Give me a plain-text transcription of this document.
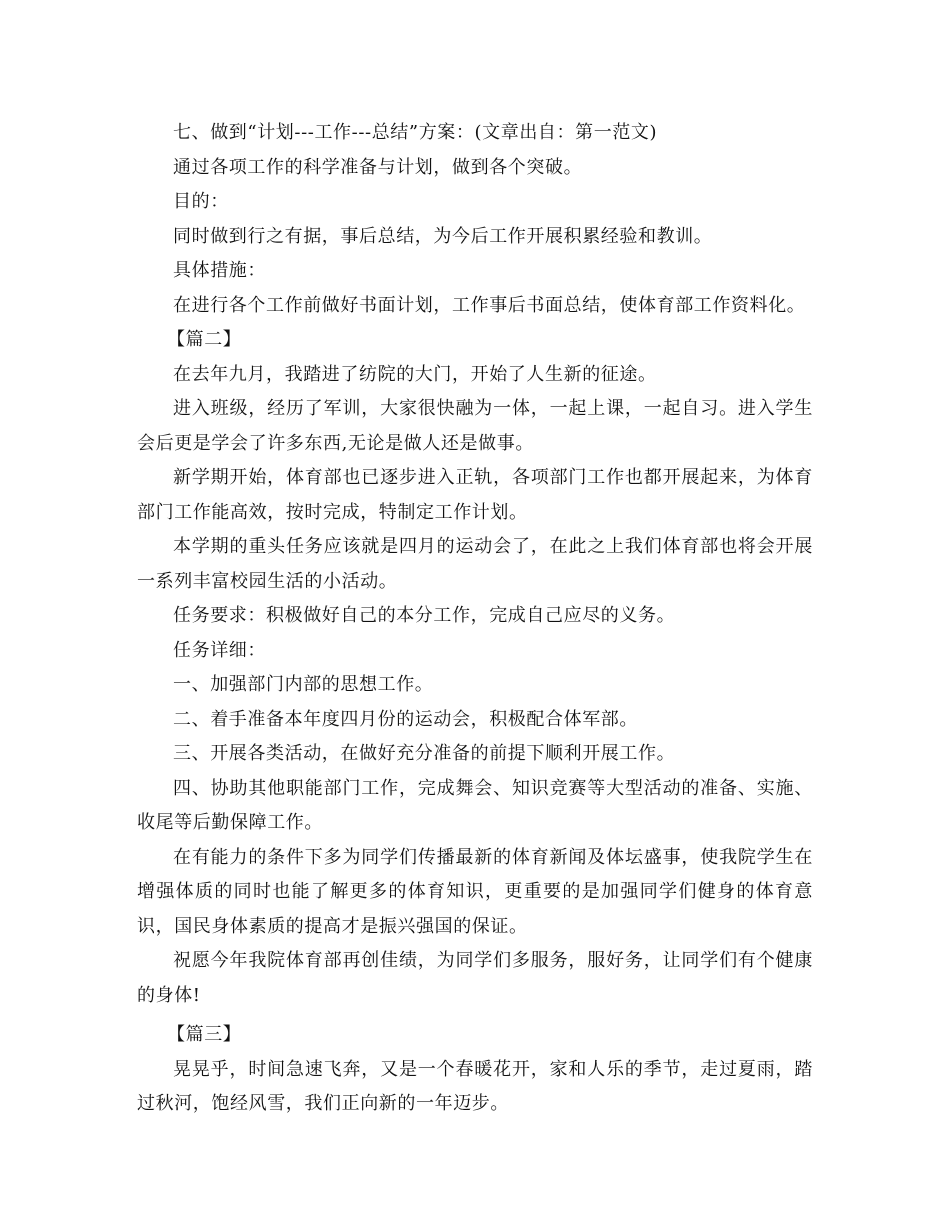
七、做到“计划---工作---总结”方案：(文章出自：第一范文)

通过各项工作的科学准备与计划，做到各个突破。

目的：

同时做到行之有据，事后总结，为今后工作开展积累经验和教训。

具体措施：

在进行各个工作前做好书面计划，工作事后书面总结，使体育部工作资料化。

【篇二】

在去年九月，我踏进了纺院的大门，开始了人生新的征途。

进入班级，经历了军训，大家很快融为一体，一起上课，一起自习。进入学生会后更是学会了许多东西,无论是做人还是做事。

新学期开始，体育部也已逐步进入正轨，各项部门工作也都开展起来，为体育部门工作能高效，按时完成，特制定工作计划。

本学期的重头任务应该就是四月的运动会了，在此之上我们体育部也将会开展一系列丰富校园生活的小活动。

任务要求：积极做好自己的本分工作，完成自己应尽的义务。

任务详细：

一、加强部门内部的思想工作。

二、着手准备本年度四月份的运动会，积极配合体军部。

三、开展各类活动，在做好充分准备的前提下顺利开展工作。

四、协助其他职能部门工作，完成舞会、知识竞赛等大型活动的准备、实施、收尾等后勤保障工作。

在有能力的条件下多为同学们传播最新的体育新闻及体坛盛事，使我院学生在增强体质的同时也能了解更多的体育知识，更重要的是加强同学们健身的体育意识，国民身体素质的提高才是振兴强国的保证。

祝愿今年我院体育部再创佳绩，为同学们多服务，服好务，让同学们有个健康的身体!

【篇三】

晃晃乎，时间急速飞奔，又是一个春暖花开，家和人乐的季节，走过夏雨，踏过秋河，饱经风雪，我们正向新的一年迈步。
